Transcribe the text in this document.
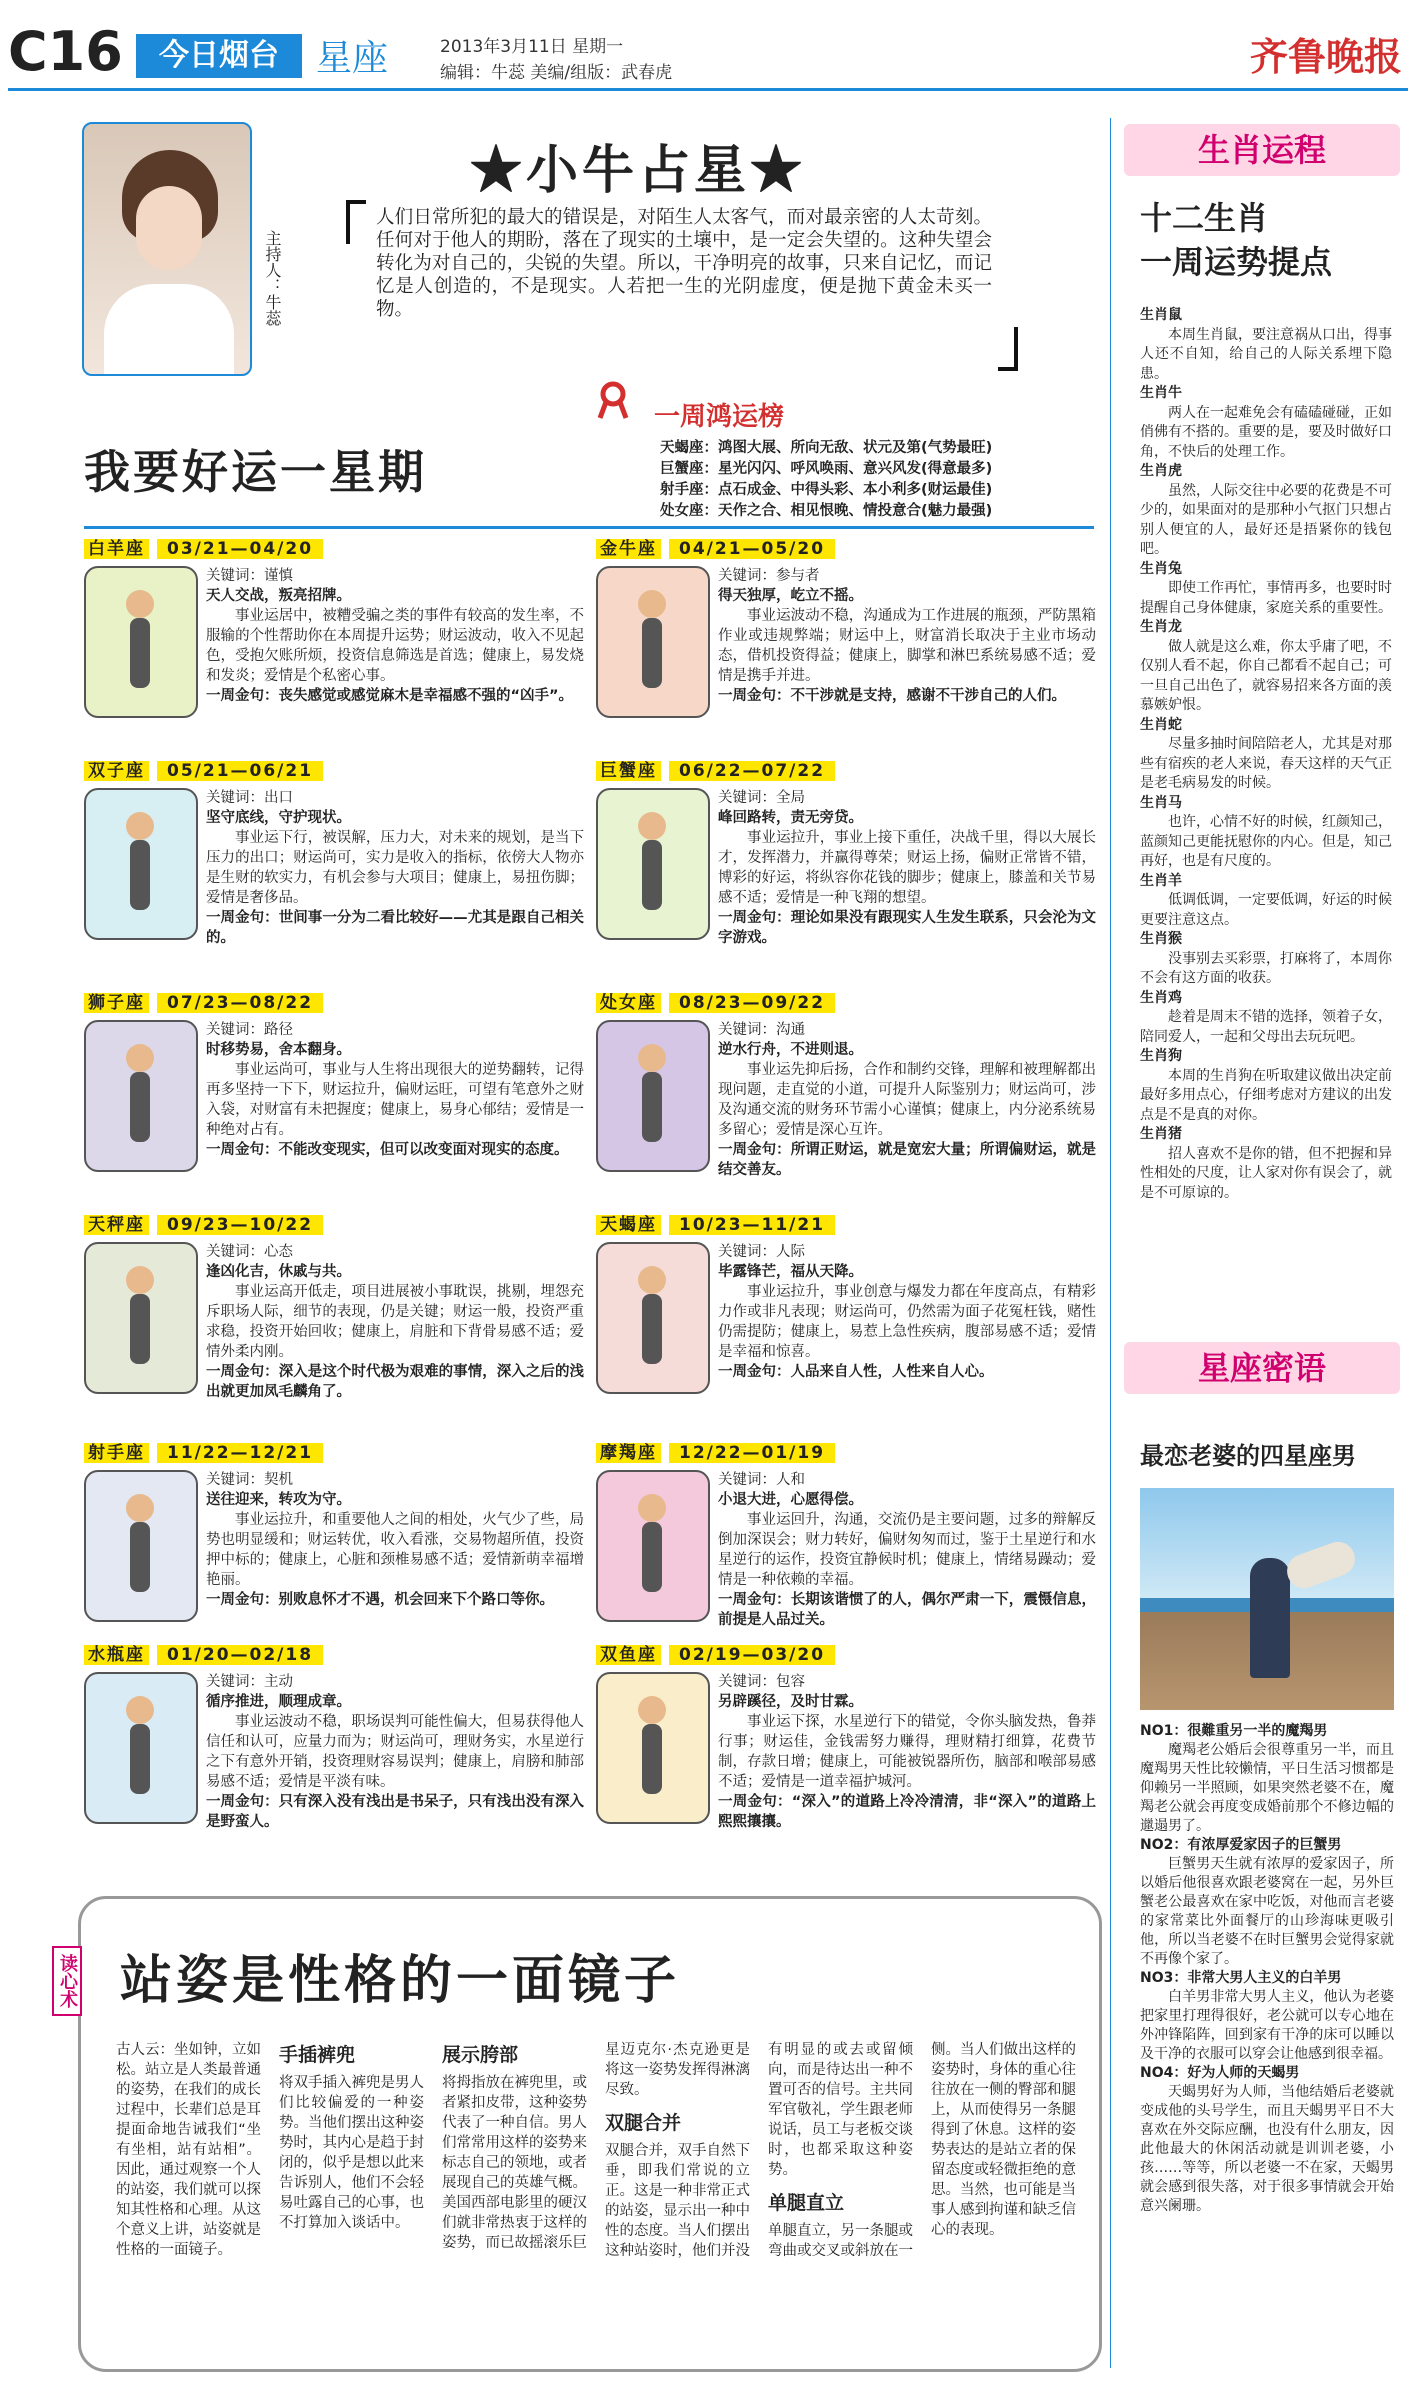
C16	今日烟台	星座	2013年3月11日 星期一
编辑：牛蕊 美编/组版：武春虎	齐鲁晚报
主持人：牛蕊
★小牛占星★
人们日常所犯的最大的错误是，对陌生人太客气，而对最亲密的人太苛刻。任何对于他人的期盼，落在了现实的土壤中，是一定会失望的。这种失望会转化为对自己的，尖锐的失望。所以，干净明亮的故事，只来自记忆，而记忆是人创造的，不是现实。人若把一生的光阴虚度，便是抛下黄金未买一物。
一周鸿运榜
天蝎座：鸿图大展、所向无敌、状元及第(气势最旺)
巨蟹座：星光闪闪、呼风唤雨、意兴风发(得意最多)
射手座：点石成金、中得头彩、本小利多(财运最佳)
处女座：天作之合、相见恨晚、情投意合(魅力最强)
我要好运一星期
白羊座 03/21—04/20
关键词：谨慎
天人交战，叛亮招牌。
事业运居中，被糟受骗之类的事件有较高的发生率，不服输的个性帮助你在本周提升运势；财运波动，收入不见起色，受抱欠账所烦，投资信息筛选是首选；健康上，易发烧和发炎；爱情是个私密心事。
一周金句：丧失感觉或感觉麻木是幸福感不强的“凶手”。
金牛座 04/21—05/20
关键词：参与者
得天独厚，屹立不摇。
事业运波动不稳，沟通成为工作进展的瓶颈，严防黑箱作业或违规弊端；财运中上，财富消长取决于主业市场动态，借机投资得益；健康上，脚掌和淋巴系统易感不适；爱情是携手并进。
一周金句：不干涉就是支持，感谢不干涉自己的人们。
双子座 05/21—06/21
关键词：出口
坚守底线，守护现状。
事业运下行，被误解，压力大，对未来的规划，是当下压力的出口；财运尚可，实力是收入的指标，依傍大人物亦是生财的软实力，有机会参与大项目；健康上，易扭伤脚；爱情是奢侈品。
一周金句：世间事一分为二看比较好——尤其是跟自己相关的。
巨蟹座 06/22—07/22
关键词：全局
峰回路转，责无旁贷。
事业运拉升，事业上接下重任，决战千里，得以大展长才，发挥潜力，并赢得尊荣；财运上扬，偏财正常皆不错，博彩的好运，将纵容你花钱的脚步；健康上，膝盖和关节易感不适；爱情是一种飞翔的想望。
一周金句：理论如果没有跟现实人生发生联系，只会沦为文字游戏。
狮子座 07/23—08/22
关键词：路径
时移势易，舍本翻身。
事业运尚可，事业与人生将出现很大的逆势翻转，记得再多坚持一下下，财运拉升，偏财运旺，可望有笔意外之财入袋，对财富有未把握度；健康上，易身心郁结；爱情是一种绝对占有。
一周金句：不能改变现实，但可以改变面对现实的态度。
处女座 08/23—09/22
关键词：沟通
逆水行舟，不进则退。
事业运先抑后扬，合作和制约交锋，理解和被理解都出现问题，走直觉的小道，可提升人际鉴别力；财运尚可，涉及沟通交流的财务环节需小心谨慎；健康上，内分泌系统易多留心；爱情是深心互许。
一周金句：所谓正财运，就是宽宏大量；所谓偏财运，就是结交善友。
天秤座 09/23—10/22
关键词：心态
逢凶化吉，休戚与共。
事业运高开低走，项目进展被小事耽误，挑剔，埋怨充斥职场人际，细节的表现，仍是关键；财运一般，投资严重求稳，投资开始回收；健康上，肩脏和下背骨易感不适；爱情外柔内刚。
一周金句：深入是这个时代极为艰难的事情，深入之后的浅出就更加凤毛麟角了。
天蝎座 10/23—11/21
关键词：人际
毕露锋芒，福从天降。
事业运拉升，事业创意与爆发力都在年度高点，有精彩力作或非凡表现；财运尚可，仍然需为面子花冤枉钱，赌性仍需提防；健康上，易惹上急性疾病，腹部易感不适；爱情是幸福和惊喜。
一周金句：人品来自人性，人性来自人心。
射手座 11/22—12/21
关键词：契机
送往迎来，转攻为守。
事业运拉升，和重要他人之间的相处，火气少了些，局势也明显缓和；财运转优，收入看涨，交易物超所值，投资押中标的；健康上，心脏和颈椎易感不适；爱情新萌幸福增艳丽。
一周金句：别败息怀才不遇，机会回来下个路口等你。
摩羯座 12/22—01/19
关键词：人和
小退大进，心愿得偿。
事业运回升，沟通，交流仍是主要问题，过多的辩解反倒加深误会；财力转好，偏财匆匆而过，鉴于土星逆行和水星逆行的运作，投资宜静候时机；健康上，情绪易躁动；爱情是一种依赖的幸福。
一周金句：长期该谐惯了的人，偶尔严肃一下，震慑信息，前提是人品过关。
水瓶座 01/20—02/18
关键词：主动
循序推进，顺理成章。
事业运波动不稳，职场误判可能性偏大，但易获得他人信任和认可，应量力而为；财运尚可，理财务实，水星逆行之下有意外开销，投资理财容易误判；健康上，肩膀和肺部易感不适；爱情是平淡有味。
一周金句：只有深入没有浅出是书呆子，只有浅出没有深入是野蛮人。
双鱼座 02/19—03/20
关键词：包容
另辟蹊径，及时甘霖。
事业运下探，水星逆行下的错觉，令你头脑发热，鲁莽行事；财运佳，金钱需努力赚得，理财精打细算，花费节制，存款日增；健康上，可能被锐器所伤，脑部和喉部易感不适；爱情是一道幸福护城河。
一周金句：“深入”的道路上冷冷清清，非“深入”的道路上熙熙攘攘。
读心术 站姿是性格的一面镜子

古人云：坐如钟，立如松。站立是人类最普通的姿势，在我们的成长过程中，长辈们总是耳提面命地告诫我们“坐有坐相，站有站相”。因此，通过观察一个人的站姿，我们就可以探知其性格和心理。从这个意义上讲，站姿就是性格的一面镜子。

手插裤兜

将双手插入裤兜是男人们比较偏爱的一种姿势。当他们摆出这种姿势时，其内心是趋于封闭的，似乎是想以此来告诉别人，他们不会轻易吐露自己的心事，也不打算加入谈话中。

展示胯部

将拇指放在裤兜里，或者紧扣皮带，这种姿势代表了一种自信。男人们常常用这样的姿势来标志自己的领地，或者展现自己的英雄气概。美国西部电影里的硬汉们就非常热衷于这样的姿势，而已故摇滚乐巨星迈克尔·杰克逊更是将这一姿势发挥得淋漓尽致。

双腿合并

双腿合并，双手自然下垂，即我们常说的立正。这是一种非常正式的站姿，显示出一种中性的态度。当人们摆出这种站姿时，他们并没有明显的或去或留倾向，而是待达出一种不置可否的信号。主共同军官敬礼，学生跟老师说话，员工与老板交谈时，也都采取这种姿势。

单腿直立

单腿直立，另一条腿或弯曲或交叉或斜放在一侧。当人们做出这样的姿势时，身体的重心往往放在一侧的臀部和腿上，从而使得另一条腿得到了休息。这样的姿势表达的是站立者的保留态度或轻微拒绝的意思。当然，也可能是当事人感到拘谨和缺乏信心的表现。

生肖运程
十二生肖
一周运势提点
生肖鼠
本周生肖鼠，要注意祸从口出，得事人还不自知，给自己的人际关系埋下隐患。
生肖牛
两人在一起难免会有磕磕碰碰，正如俏佛有不搭的。重要的是，要及时做好口角，不快后的处理工作。
生肖虎
虽然，人际交往中必要的花费是不可少的，如果面对的是那种小气抠门只想占别人便宜的人，最好还是捂紧你的钱包吧。
生肖兔
即使工作再忙，事情再多，也要时时提醒自己身体健康，家庭关系的重要性。
生肖龙
做人就是这么难，你太乎庸了吧，不仅别人看不起，你自己都看不起自己；可一旦自己出色了，就容易招来各方面的羡慕嫉妒恨。
生肖蛇
尽量多抽时间陪陪老人，尤其是对那些有宿疾的老人来说，春天这样的天气正是老毛病易发的时候。
生肖马
也许，心情不好的时候，红颜知己，蓝颜知己更能抚慰你的内心。但是，知己再好，也是有尺度的。
生肖羊
低调低调，一定要低调，好运的时候更要注意这点。
生肖猴
没事别去买彩票，打麻将了，本周你不会有这方面的收获。
生肖鸡
趁着是周末不错的选择，领着子女，陪同爱人，一起和父母出去玩玩吧。
生肖狗
本周的生肖狗在听取建议做出决定前最好多用点心，仔细考虑对方建议的出发点是不是真的对你。
生肖猪
招人喜欢不是你的错，但不把握和异性相处的尺度，让人家对你有误会了，就是不可原谅的。
星座密语
最恋老婆的四星座男
NO1：很難重另一半的魔羯男
魔羯老公婚后会很尊重另一半，而且魔羯男天性比较懒情，平日生活习惯都是仰赖另一半照顾，如果突然老婆不在，魔羯老公就会再度变成婚前那个不修边幅的邋遢男了。
NO2：有浓厚爱家因子的巨蟹男
巨蟹男天生就有浓厚的爱家因子，所以婚后他很喜欢跟老婆窝在一起，另外巨蟹老公最喜欢在家中吃饭，对他而言老婆的家常菜比外面餐厅的山珍海味更吸引他，所以当老婆不在时巨蟹男会觉得家就不再像个家了。
NO3：非常大男人主义的白羊男
白羊男非常大男人主义，他认为老婆把家里打理得很好，老公就可以专心地在外冲锋陷阵，回到家有干净的床可以睡以及干净的衣服可以穿会让他感到很幸福。
NO4：好为人师的天蝎男
天蝎男好为人师，当他结婚后老婆就变成他的头号学生，而且天蝎男平日不大喜欢在外交际应酬，也没有什么朋友，因此他最大的休闲活动就是训训老婆，小孩……等等，所以老婆一不在家，天蝎男就会感到很失落，对于很多事情就会开始意兴阑珊。
